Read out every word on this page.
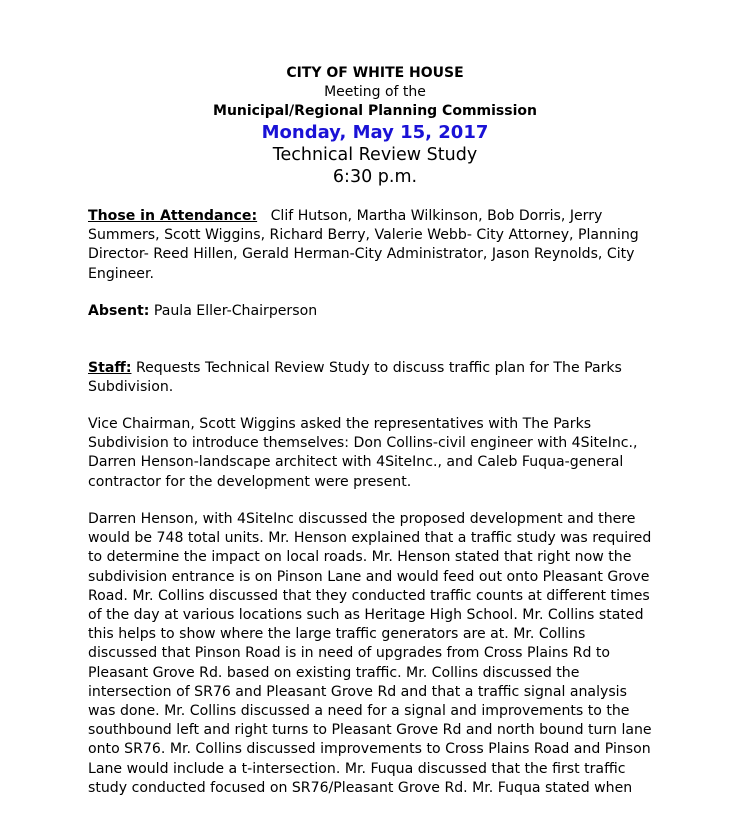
CITY OF WHITE HOUSE
Meeting of the
Municipal/Regional Planning Commission
Monday, May 15, 2017
Technical Review Study
6:30 p.m.

Those in Attendance: Clif Hutson, Martha Wilkinson, Bob Dorris, Jerry Summers, Scott Wiggins, Richard Berry, Valerie Webb- City Attorney, Planning Director- Reed Hillen, Gerald Herman-City Administrator, Jason Reynolds, City Engineer.

Absent: Paula Eller-Chairperson

Staff: Requests Technical Review Study to discuss traffic plan for The Parks Subdivision.

Vice Chairman, Scott Wiggins asked the representatives with The Parks Subdivision to introduce themselves: Don Collins-civil engineer with 4SiteInc., Darren Henson-landscape architect with 4SiteInc., and Caleb Fuqua-general contractor for the development were present.

Darren Henson, with 4SiteInc discussed the proposed development and there would be 748 total units. Mr. Henson explained that a traffic study was required to determine the impact on local roads. Mr. Henson stated that right now the subdivision entrance is on Pinson Lane and would feed out onto Pleasant Grove Road. Mr. Collins discussed that they conducted traffic counts at different times of the day at various locations such as Heritage High School. Mr. Collins stated this helps to show where the large traffic generators are at. Mr. Collins discussed that Pinson Road is in need of upgrades from Cross Plains Rd to Pleasant Grove Rd. based on existing traffic. Mr. Collins discussed the intersection of SR76 and Pleasant Grove Rd and that a traffic signal analysis was done. Mr. Collins discussed a need for a signal and improvements to the southbound left and right turns to Pleasant Grove Rd and north bound turn lane onto SR76. Mr. Collins discussed improvements to Cross Plains Road and Pinson Lane would include a t-intersection. Mr. Fuqua discussed that the first traffic study conducted focused on SR76/Pleasant Grove Rd. Mr. Fuqua stated when
